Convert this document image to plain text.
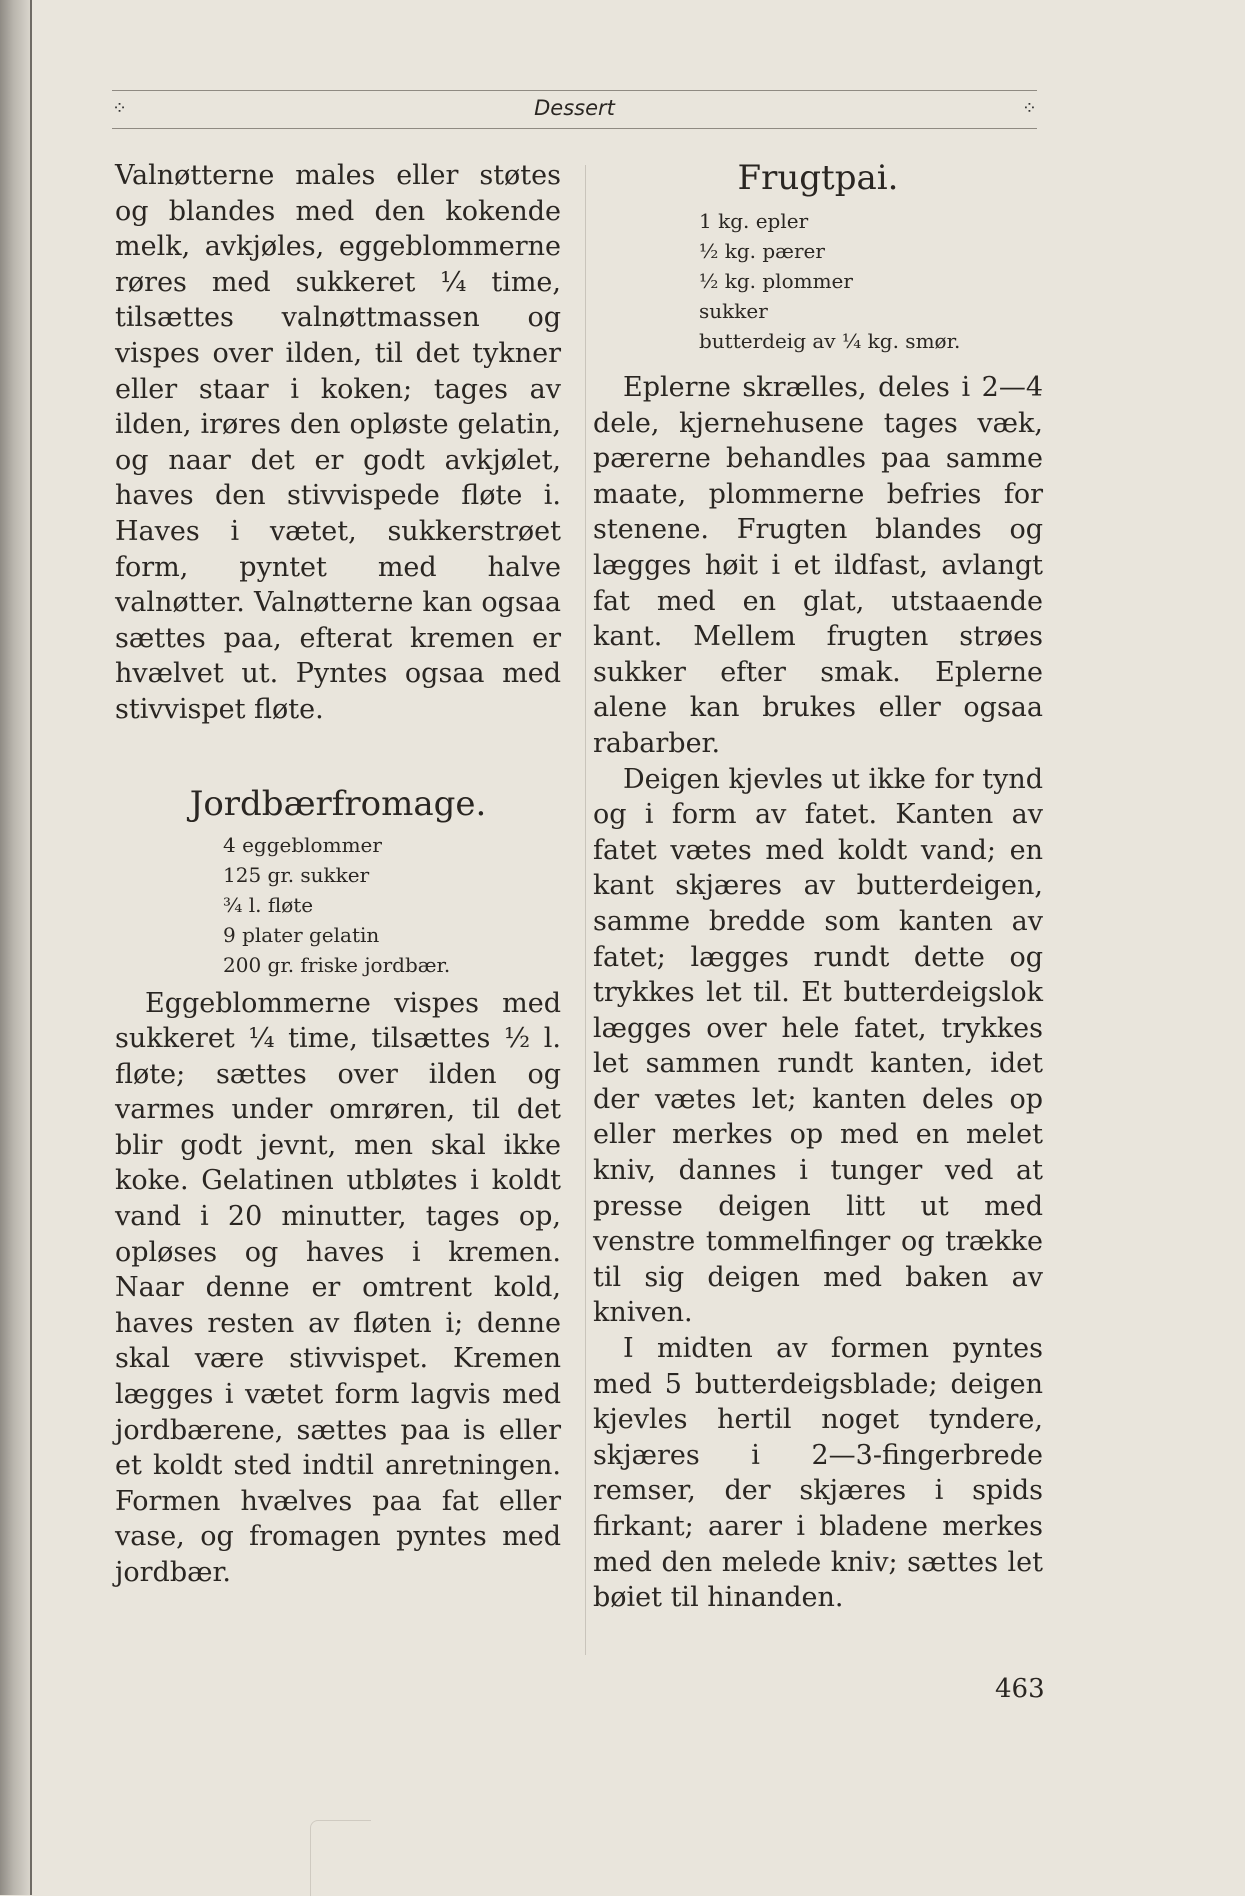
⁘	Dessert	⁘

Valnøtterne males eller støtes og blandes med den kokende melk, avkjøles, eggeblommerne røres med sukkeret ¼ time, tilsættes valnøttmassen og vispes over ilden, til det tykner eller staar i koken; tages av ilden, irøres den opløste gelatin, og naar det er godt avkjølet, haves den stivvispede fløte i. Haves i vætet, sukkerstrøet form, pyntet med halve valnøtter. Valnøtterne kan ogsaa sættes paa, efterat kremen er hvælvet ut. Pyntes ogsaa med stivvispet fløte.

Jordbærfromage.
4 eggeblommer
125 gr. sukker
¾ l. fløte
9 plater gelatin
200 gr. friske jordbær.

Eggeblommerne vispes med sukkeret ¼ time, tilsættes ½ l. fløte; sættes over ilden og varmes under omrøren, til det blir godt jevnt, men skal ikke koke. Gelatinen utbløtes i koldt vand i 20 minutter, tages op, opløses og haves i kremen. Naar denne er omtrent kold, haves resten av fløten i; denne skal være stivvispet. Kremen lægges i vætet form lagvis med jordbærene, sættes paa is eller et koldt sted indtil anretningen. Formen hvælves paa fat eller vase, og fromagen pyntes med jordbær.

Frugtpai.
1 kg. epler
½ kg. pærer
½ kg. plommer
sukker
butterdeig av ¼ kg. smør.

Eplerne skrælles, deles i 2—4 dele, kjernehusene tages væk, pærerne behandles paa samme maate, plommerne befries for stenene. Frugten blandes og lægges høit i et ildfast, avlangt fat med en glat, utstaaende kant. Mellem frugten strøes sukker efter smak. Eplerne alene kan brukes eller ogsaa rabarber.

Deigen kjevles ut ikke for tynd og i form av fatet. Kanten av fatet vætes med koldt vand; en kant skjæres av butterdeigen, samme bredde som kanten av fatet; lægges rundt dette og trykkes let til. Et butterdeigslok lægges over hele fatet, trykkes let sammen rundt kanten, idet der vætes let; kanten deles op eller merkes op med en melet kniv, dannes i tunger ved at presse deigen litt ut med venstre tommelfinger og trække til sig deigen med baken av kniven.

I midten av formen pyntes med 5 butterdeigsblade; deigen kjevles hertil noget tyndere, skjæres i 2—3-fingerbrede remser, der skjæres i spids firkant; aarer i bladene merkes med den melede kniv; sættes let bøiet til hinanden.

463
